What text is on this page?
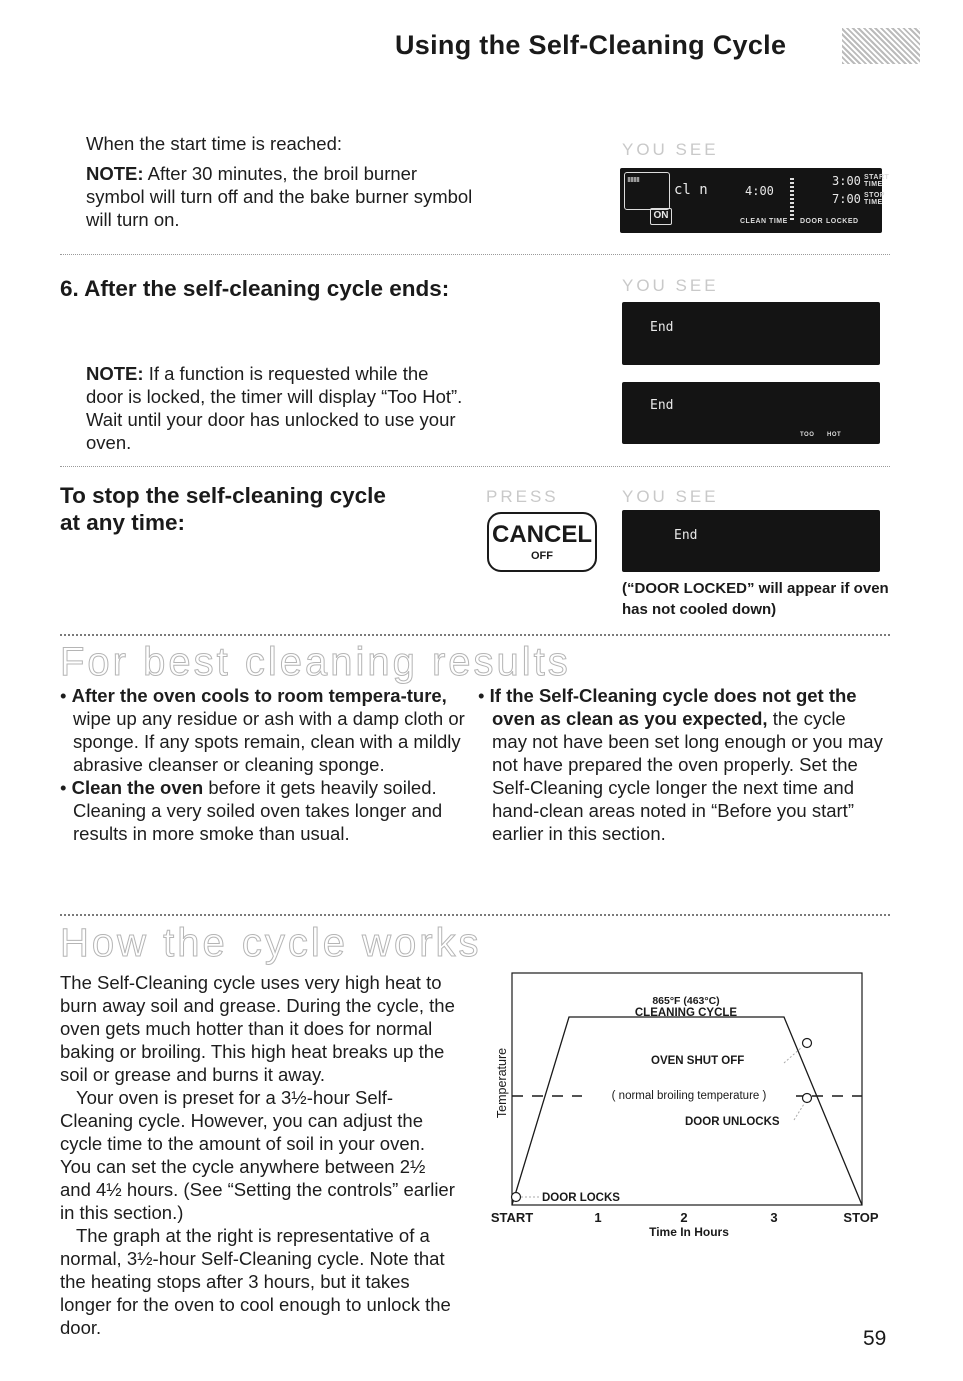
Using the Self-Cleaning Cycle
When the start time is reached:
NOTE: After 30 minutes, the broil burner symbol will turn off and the bake burner symbol will turn on.
YOU SEE
ıııııııı
cl n	4:00
3:00
7:00
START TIME
STOP TIME
ON
CLEAN TIME DOOR LOCKED
6. After the self-cleaning cycle ends:	YOU SEE
End
NOTE: If a function is requested while the door is locked, the timer will display “Too Hot”. Wait until your door has unlocked to use your oven.
End
TOO HOT
To stop the self-cleaning cycle at any time:
PRESS	YOU SEE
CANCEL
OFF
End
(“DOOR LOCKED” will appear if oven has not cooled down)
For best cleaning results
• After the oven cools to room tempera-ture, wipe up any residue or ash with a damp cloth or sponge. If any spots remain, clean with a mildly abrasive cleanser or cleaning sponge.
• Clean the oven before it gets heavily soiled. Cleaning a very soiled oven takes longer and results in more smoke than usual.
• If the Self-Cleaning cycle does not get the oven as clean as you expected, the cycle may not have been set long enough or you may not have prepared the oven properly. Set the Self-Cleaning cycle longer the next time and hand-clean areas noted in “Before you start” earlier in this section.
How the cycle works

The Self-Cleaning cycle uses very high heat to burn away soil and grease. During the cycle, the oven gets much hotter than it does for normal baking or broiling. This high heat breaks up the soil or grease and burns it away.

Your oven is preset for a 3½-hour Self-Cleaning cycle. However, you can adjust the cycle time to the amount of soil in your oven. You can set the cycle anywhere between 2½ and 4½ hours. (See “Setting the controls” earlier in this section.)

The graph at the right is representative of a normal, 3½-hour Self-Cleaning cycle. Note that the heating stops after 3 hours, but it takes longer for the oven to cool enough to unlock the door.

865°F (463°C)
CLEANING CYCLE
OVEN SHUT OFF
( normal broiling temperature )
DOOR UNLOCKS
DOOR LOCKS
Temperature
START	1	2	3	STOP
Time In Hours
59
